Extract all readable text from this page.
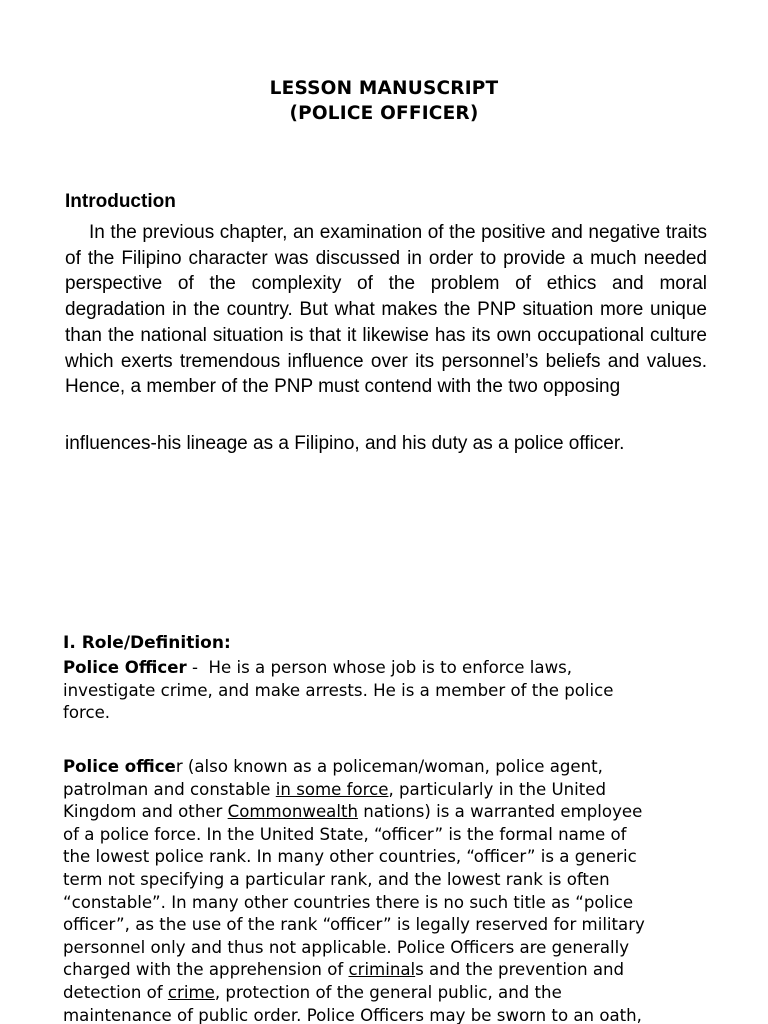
LESSON MANUSCRIPT
(POLICE OFFICER)
Introduction
In the previous chapter, an examination of the positive and negative traits of the Filipino character was discussed in order to provide a much needed perspective of the complexity of the problem of ethics and moral degradation in the country. But what makes the PNP situation more unique than the national situation is that it likewise has its own occupational culture which exerts tremendous influence over its personnel’s beliefs and values. Hence, a member of the PNP must contend with the two opposing
influences-his lineage as a Filipino, and his duty as a police officer.
I. Role/Definition:
Police Officer -  He is a person whose job is to enforce laws,
investigate crime, and make arrests. He is a member of the police
force.
Police officer (also known as a policeman/woman, police agent,
patrolman and constable in some force, particularly in the United
Kingdom and other Commonwealth nations) is a warranted employee
of a police force. In the United State, “officer” is the formal name of
the lowest police rank. In many other countries, “officer” is a generic
term not specifying a particular rank, and the lowest rank is often
“constable”. In many other countries there is no such title as “police
officer”, as the use of the rank “officer” is legally reserved for military
personnel only and thus not applicable. Police Officers are generally
charged with the apprehension of criminals and the prevention and
detection of crime, protection of the general public, and the
maintenance of public order. Police Officers may be sworn to an oath,
